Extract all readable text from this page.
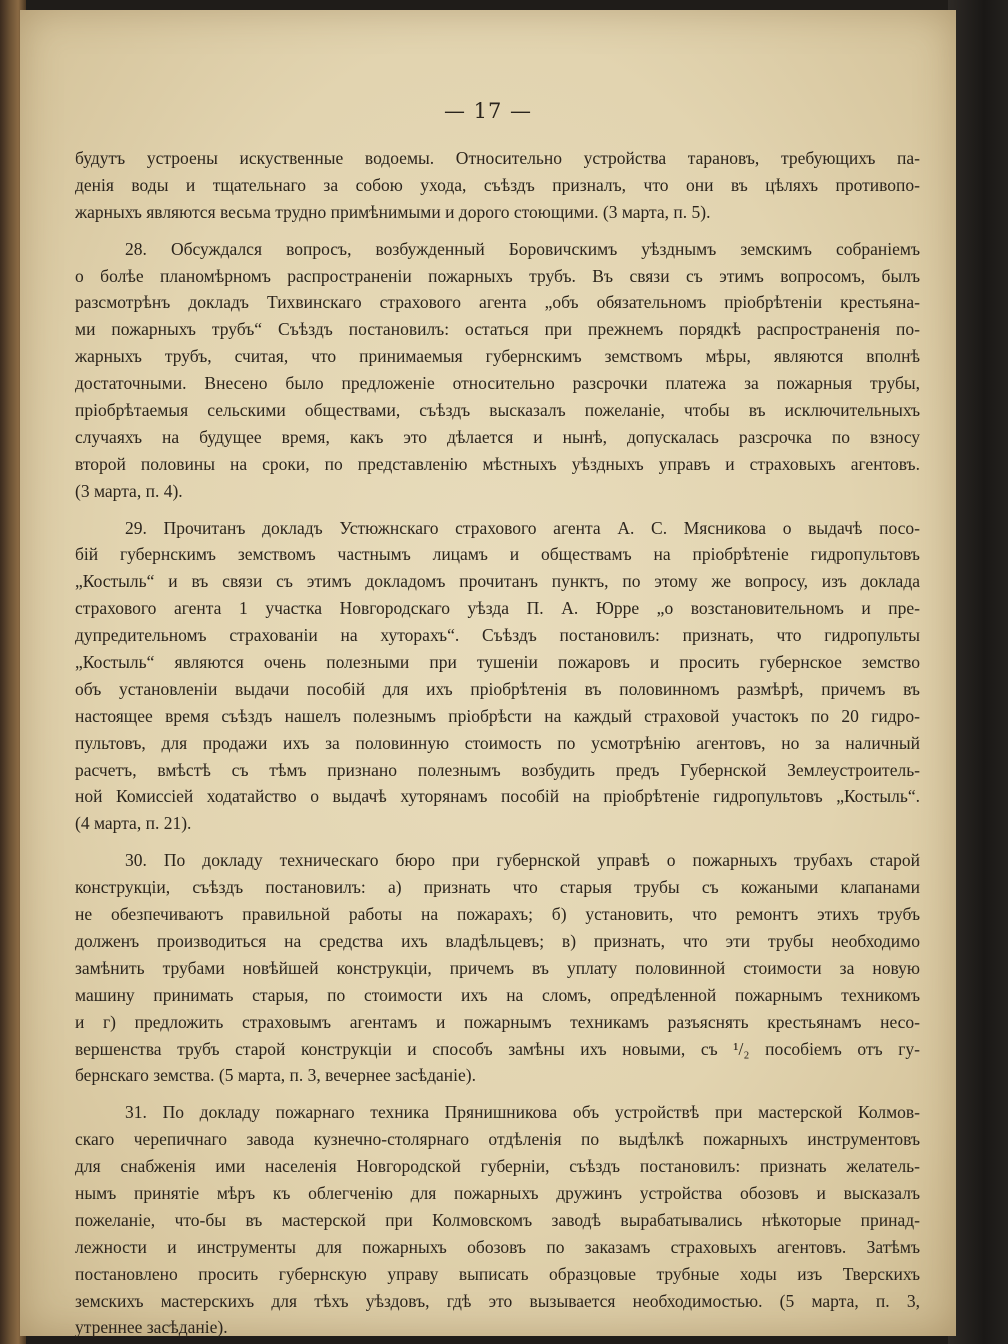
— 17 —
будутъ устроены искуственные водоемы. Относительно устройства тарановъ, требующихъ па-
денія воды и тщательнаго за собою ухода, съѣздъ призналъ, что они въ цѣляхъ противопо-
жарныхъ являются весьма трудно примѣнимыми и дорого стоющими. (3 марта, п. 5).
28. Обсуждался вопросъ, возбужденный Боровичскимъ уѣзднымъ земскимъ собраніемъ
о болѣе планомѣрномъ распространеніи пожарныхъ трубъ. Въ связи съ этимъ вопросомъ, былъ
разсмотрѣнъ докладъ Тихвинскаго страхового агента „объ обязательномъ пріобрѣтеніи крестьяна-
ми пожарныхъ трубъ“ Съѣздъ постановилъ: остаться при прежнемъ порядкѣ распространенія по-
жарныхъ трубъ, считая, что принимаемыя губернскимъ земствомъ мѣры, являются вполнѣ
достаточными. Внесено было предложеніе относительно разсрочки платежа за пожарныя трубы,
пріобрѣтаемыя сельскими обществами, съѣздъ высказалъ пожеланіе, чтобы въ исключительныхъ
случаяхъ на будущее время, какъ это дѣлается и нынѣ, допускалась разсрочка по взносу
второй половины на сроки, по представленію мѣстныхъ уѣздныхъ управъ и страховыхъ агентовъ.
(3 марта, п. 4).
29. Прочитанъ докладъ Устюжнскаго страхового агента А. С. Мясникова о выдачѣ посо-
бій губернскимъ земствомъ частнымъ лицамъ и обществамъ на пріобрѣтеніе гидропультовъ
„Костыль“ и въ связи съ этимъ докладомъ прочитанъ пунктъ, по этому же вопросу, изъ доклада
страхового агента 1 участка Новгородскаго уѣзда П. А. Юрре „о возстановительномъ и пре-
дупредительномъ страхованіи на хуторахъ“. Съѣздъ постановилъ: признать, что гидропульты
„Костыль“ являются очень полезными при тушеніи пожаровъ и просить губернское земство
объ установленіи выдачи пособій для ихъ пріобрѣтенія въ половинномъ размѣрѣ, причемъ въ
настоящее время съѣздъ нашелъ полезнымъ пріобрѣсти на каждый страховой участокъ по 20 гидро-
пультовъ, для продажи ихъ за половинную стоимость по усмотрѣнію агентовъ, но за наличный
расчетъ, вмѣстѣ съ тѣмъ признано полезнымъ возбудить предъ Губернской Землеустроитель-
ной Комиссіей ходатайство о выдачѣ хуторянамъ пособій на пріобрѣтеніе гидропультовъ „Костыль“.
(4 марта, п. 21).
30. По докладу техническаго бюро при губернской управѣ о пожарныхъ трубахъ старой
конструкціи, съѣздъ постановилъ: а) признать что старыя трубы съ кожаными клапанами
не обезпечиваютъ правильной работы на пожарахъ; б) установить, что ремонтъ этихъ трубъ
долженъ производиться на средства ихъ владѣльцевъ; в) признать, что эти трубы необходимо
замѣнить трубами новѣйшей конструкціи, причемъ въ уплату половинной стоимости за новую
машину принимать старыя, по стоимости ихъ на сломъ, опредѣленной пожарнымъ техникомъ
и г) предложить страховымъ агентамъ и пожарнымъ техникамъ разъяснять крестьянамъ несо-
вершенства трубъ старой конструкціи и способъ замѣны ихъ новыми, съ ¹/₂ пособіемъ отъ гу-
бернскаго земства. (5 марта, п. 3, вечернее засѣданіе).
31. По докладу пожарнаго техника Прянишникова объ устройствѣ при мастерской Колмов-
скаго черепичнаго завода кузнечно-столярнаго отдѣленія по выдѣлкѣ пожарныхъ инструментовъ
для снабженія ими населенія Новгородской губерніи, съѣздъ постановилъ: признать желатель-
нымъ принятіе мѣръ къ облегченію для пожарныхъ дружинъ устройства обозовъ и высказалъ
пожеланіе, что-бы въ мастерской при Колмовскомъ заводѣ вырабатывались нѣкоторые принад-
лежности и инструменты для пожарныхъ обозовъ по заказамъ страховыхъ агентовъ. Затѣмъ
постановлено просить губернскую управу выписать образцовые трубные ходы изъ Тверскихъ
земскихъ мастерскихъ для тѣхъ уѣздовъ, гдѣ это вызывается необходимостью. (5 марта, п. 3,
утреннее засѣданіе).
